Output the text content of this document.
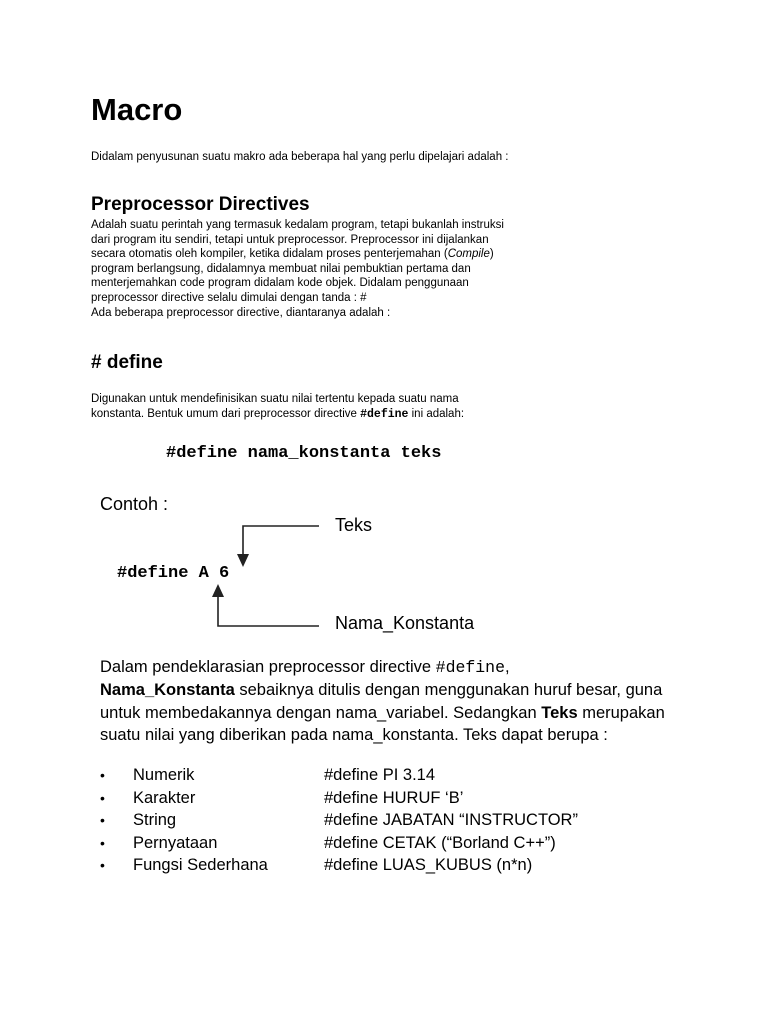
Macro

Didalam penyusunan suatu makro ada beberapa hal yang perlu dipelajari adalah :

Preprocessor Directives

Adalah suatu perintah yang termasuk kedalam program, tetapi bukanlah instruksi dari program itu sendiri, tetapi untuk preprocessor. Preprocessor ini dijalankan secara otomatis oleh kompiler, ketika didalam proses penterjemahan (Compile) program berlangsung, didalamnya membuat nilai pembuktian pertama dan menterjemahkan code program didalam kode objek. Didalam penggunaan preprocessor directive selalu dimulai dengan tanda : #
Ada beberapa preprocessor directive, diantaranya adalah :

# define

Digunakan untuk mendefinisikan suatu nilai tertentu kepada suatu nama konstanta. Bentuk umum dari preprocessor directive #define ini adalah:

#define nama_konstanta teks

Contoh :

Teks

#define A 6

Nama_Konstanta

Dalam pendeklarasian preprocessor directive #define,
Nama_Konstanta sebaiknya ditulis dengan menggunakan huruf besar, guna untuk membedakannya dengan nama_variabel. Sedangkan Teks merupakan suatu nilai yang diberikan pada nama_konstanta. Teks dapat berupa :

•	Numerik	#define PI 3.14
•	Karakter	#define HURUF ‘B’
•	String	#define JABATAN “INSTRUCTOR”
•	Pernyataan	#define CETAK (“Borland C++”)
•	Fungsi Sederhana	#define LUAS_KUBUS (n*n)
